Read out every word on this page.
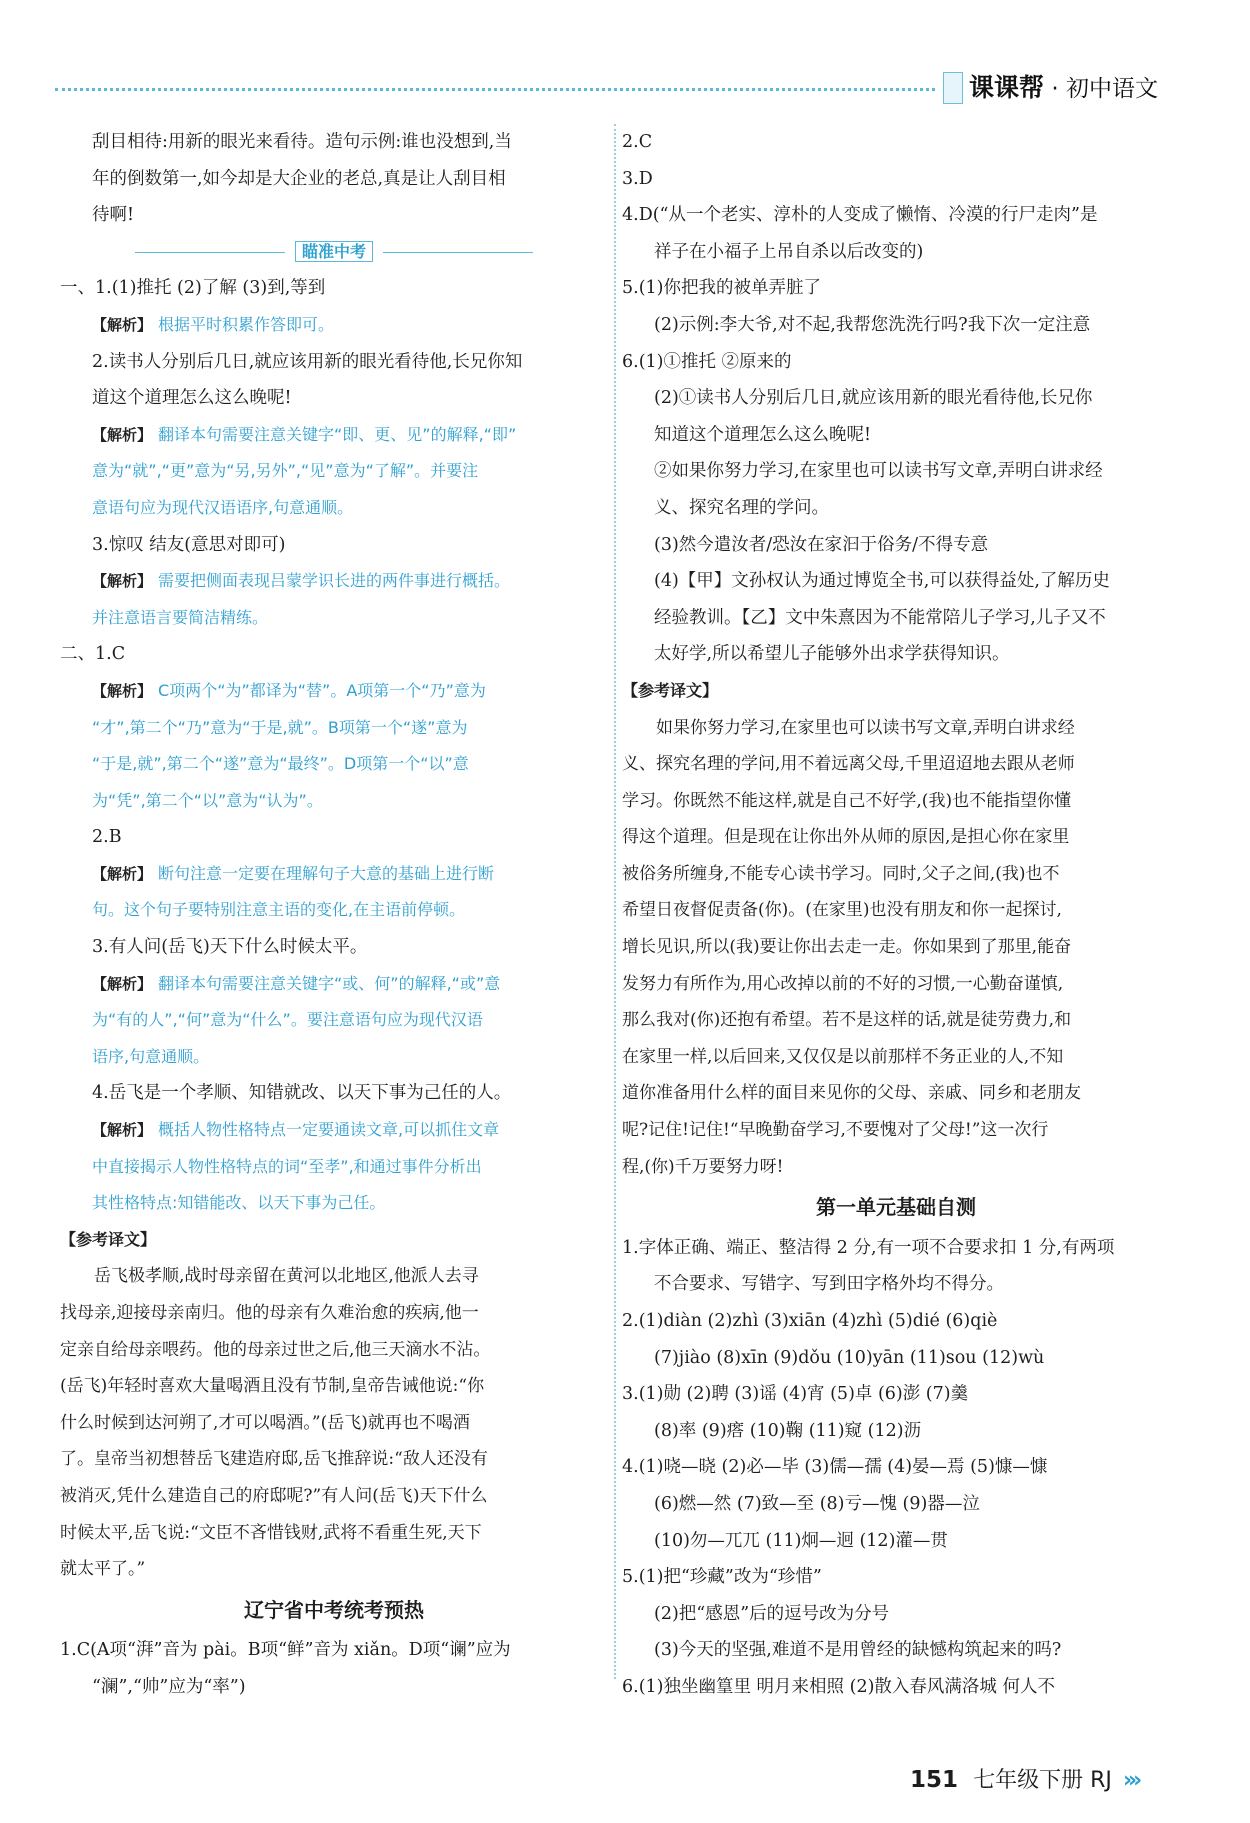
课课帮 · 初中语文

刮目相待:用新的眼光来看待。造句示例:谁也没想到,当

年的倒数第一,如今却是大企业的老总,真是让人刮目相

待啊!

瞄准中考

一、1.(1)推托 (2)了解 (3)到,等到

【解析】 根据平时积累作答即可。

2.读书人分别后几日,就应该用新的眼光看待他,长兄你知

道这个道理怎么这么晚呢!

【解析】 翻译本句需要注意关键字“即、更、见”的解释,“即”

意为“就”,“更”意为“另,另外”,“见”意为“了解”。并要注

意语句应为现代汉语语序,句意通顺。

3.惊叹 结友(意思对即可)

【解析】 需要把侧面表现吕蒙学识长进的两件事进行概括。

并注意语言要简洁精练。

二、1.C

【解析】 C项两个“为”都译为“替”。A项第一个“乃”意为

“才”,第二个“乃”意为“于是,就”。B项第一个“遂”意为

“于是,就”,第二个“遂”意为“最终”。D项第一个“以”意

为“凭”,第二个“以”意为“认为”。

2.B

【解析】 断句注意一定要在理解句子大意的基础上进行断

句。这个句子要特别注意主语的变化,在主语前停顿。

3.有人问(岳飞)天下什么时候太平。

【解析】 翻译本句需要注意关键字“或、何”的解释,“或”意

为“有的人”,“何”意为“什么”。要注意语句应为现代汉语

语序,句意通顺。

4.岳飞是一个孝顺、知错就改、以天下事为己任的人。

【解析】 概括人物性格特点一定要通读文章,可以抓住文章

中直接揭示人物性格特点的词“至孝”,和通过事件分析出

其性格特点:知错能改、以天下事为己任。

【参考译文】

岳飞极孝顺,战时母亲留在黄河以北地区,他派人去寻

找母亲,迎接母亲南归。他的母亲有久难治愈的疾病,他一

定亲自给母亲喂药。他的母亲过世之后,他三天滴水不沾。

(岳飞)年轻时喜欢大量喝酒且没有节制,皇帝告诫他说:“你

什么时候到达河朔了,才可以喝酒。”(岳飞)就再也不喝酒

了。皇帝当初想替岳飞建造府邸,岳飞推辞说:“敌人还没有

被消灭,凭什么建造自己的府邸呢?”有人问(岳飞)天下什么

时候太平,岳飞说:“文臣不吝惜钱财,武将不看重生死,天下

就太平了。”

辽宁省中考统考预热

1.C(A项“湃”音为 pài。B项“鲜”音为 xiǎn。D项“谰”应为

“澜”,“帅”应为“率”)

2.C

3.D

4.D(“从一个老实、淳朴的人变成了懒惰、冷漠的行尸走肉”是

祥子在小福子上吊自杀以后改变的)

5.(1)你把我的被单弄脏了

(2)示例:李大爷,对不起,我帮您洗洗行吗?我下次一定注意

6.(1)①推托 ②原来的

(2)①读书人分别后几日,就应该用新的眼光看待他,长兄你

知道这个道理怎么这么晚呢!

②如果你努力学习,在家里也可以读书写文章,弄明白讲求经

义、探究名理的学问。

(3)然今遣汝者/恐汝在家汩于俗务/不得专意

(4)【甲】文孙权认为通过博览全书,可以获得益处,了解历史

经验教训。【乙】文中朱熹因为不能常陪儿子学习,儿子又不

太好学,所以希望儿子能够外出求学获得知识。

【参考译文】

如果你努力学习,在家里也可以读书写文章,弄明白讲求经

义、探究名理的学问,用不着远离父母,千里迢迢地去跟从老师

学习。你既然不能这样,就是自己不好学,(我)也不能指望你懂

得这个道理。但是现在让你出外从师的原因,是担心你在家里

被俗务所缠身,不能专心读书学习。同时,父子之间,(我)也不

希望日夜督促责备(你)。(在家里)也没有朋友和你一起探讨,

增长见识,所以(我)要让你出去走一走。你如果到了那里,能奋

发努力有所作为,用心改掉以前的不好的习惯,一心勤奋谨慎,

那么我对(你)还抱有希望。若不是这样的话,就是徒劳费力,和

在家里一样,以后回来,又仅仅是以前那样不务正业的人,不知

道你准备用什么样的面目来见你的父母、亲戚、同乡和老朋友

呢?记住!记住!“早晚勤奋学习,不要愧对了父母!”这一次行

程,(你)千万要努力呀!

第一单元基础自测

1.字体正确、端正、整洁得 2 分,有一项不合要求扣 1 分,有两项

不合要求、写错字、写到田字格外均不得分。

2.(1)diàn (2)zhì (3)xiān (4)zhì (5)dié (6)qiè

(7)jiào (8)xīn (9)dǒu (10)yān (11)sou (12)wù

3.(1)勋 (2)聘 (3)谣 (4)宵 (5)卓 (6)澎 (7)羹

(8)率 (9)瘩 (10)鞠 (11)窥 (12)沥

4.(1)哓—晓 (2)必—毕 (3)儒—孺 (4)晏—焉 (5)慷—慷

(6)燃—然 (7)致—至 (8)亏—愧 (9)器—泣

(10)勿—兀兀 (11)炯—迥 (12)灌—贯

5.(1)把“珍藏”改为“珍惜”

(2)把“感恩”后的逗号改为分号

(3)今天的坚强,难道不是用曾经的缺憾构筑起来的吗?

6.(1)独坐幽篁里 明月来相照 (2)散入春风满洛城 何人不

151 七年级下册 RJ ›››
